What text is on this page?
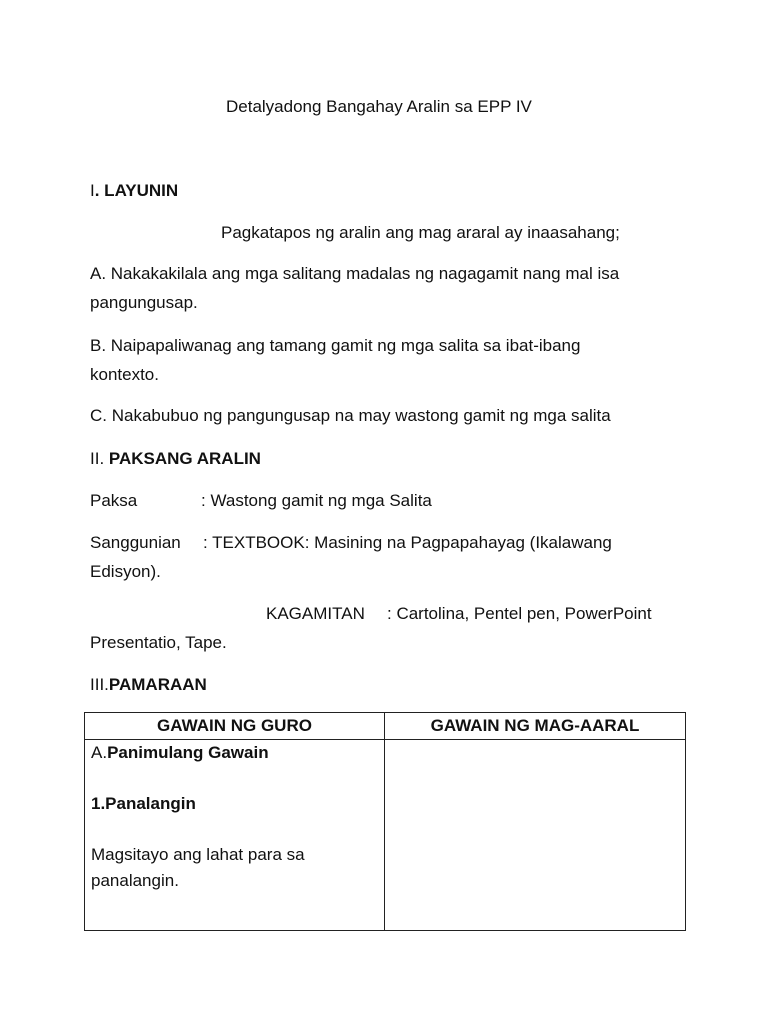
Detalyadong Bangahay Aralin sa EPP IV
I. LAYUNIN
Pagkatapos ng aralin ang mag araral ay inaasahang;
A. Nakakakilala ang mga salitang madalas ng nagagamit nang mal isa
pangungusap.
B. Naipapaliwanag ang tamang gamit ng mga salita sa ibat-ibang
kontexto.
C. Nakabubuo ng pangungusap na may wastong gamit ng mga salita
II. PAKSANG ARALIN
Paksa	: Wastong gamit ng mga Salita
Sanggunian : TEXTBOOK: Masining na Pagpapahayag (Ikalawang
Edisyon).
KAGAMITAN : Cartolina, Pentel pen, PowerPoint
Presentatio, Tape.
III.PAMARAAN
GAWAIN NG GURO	GAWAIN NG MAG-AARAL

A.Panimulang Gawain
1.Panalangin
Magsitayo ang lahat para sa panalangin.	
